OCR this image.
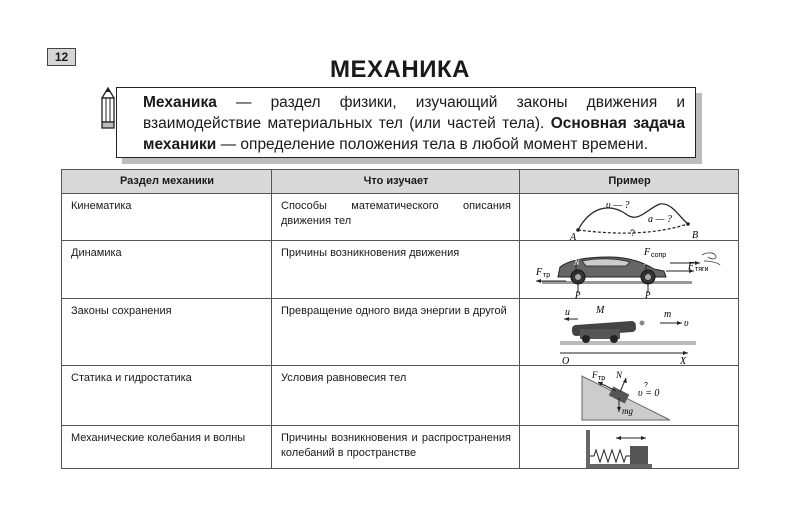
12	МЕХАНИКА
Механика — раздел физики, изучающий законы движения и взаимодействие материальных тел (или частей тела). Основная задача механики — определение положения тела в любой момент времени.
Раздел механики	Что изучает	Пример
Кинематика	Способы математического описания движения тел
A	B
υ — ?
a — ?
?
Динамика	Причины возникновения движения	F сопр
F тяги
F тр
N	N
P	P
Законы сохранения	Превращение одного вида энергии в другой	u	M	m
υ
O	X
Статика и гидростатика	Условия равновесия тел	F тр N
?
υ = 0
mg
Механические колебания и волны	Причины возникновения и распространения колебаний в пространстве
